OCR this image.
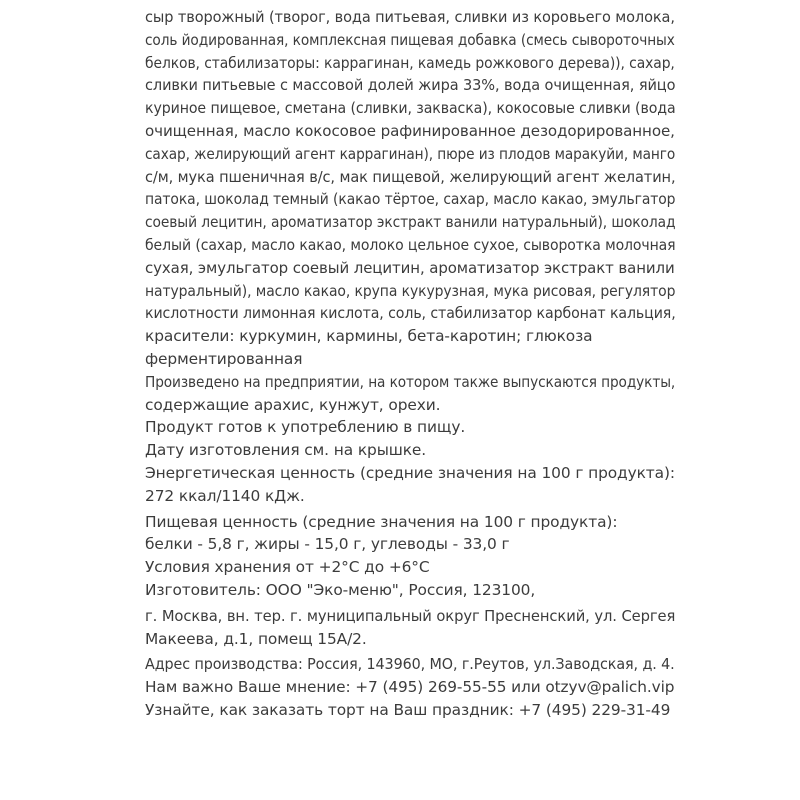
сыр творожный (творог, вода питьевая, сливки из коровьего молока,
соль йодированная, комплексная пищевая добавка (смесь сывороточных
белков, стабилизаторы: каррагинан, камедь рожкового дерева)), сахар,
сливки питьевые с массовой долей жира 33%, вода очищенная, яйцо
куриное пищевое, сметана (сливки, закваска), кокосовые сливки (вода
очищенная, масло кокосовое рафинированное дезодорированное,
сахар, желирующий агент каррагинан), пюре из плодов маракуйи, манго
с/м, мука пшеничная в/с, мак пищевой, желирующий агент желатин,
патока, шоколад темный (какао тёртое, сахар, масло какао, эмульгатор
соевый лецитин, ароматизатор экстракт ванили натуральный), шоколад
белый (сахар, масло какао, молоко цельное сухое, сыворотка молочная
сухая, эмульгатор соевый лецитин, ароматизатор экстракт ванили
натуральный), масло какао, крупа кукурузная, мука рисовая, регулятор
кислотности лимонная кислота, соль, стабилизатор карбонат кальция,
красители: куркумин, кармины, бета-каротин; глюкоза
ферментированная
Произведено на предприятии, на котором также выпускаются продукты,
содержащие арахис, кунжут, орехи.
Продукт готов к употреблению в пищу.
Дату изготовления см. на крышке.
Энергетическая ценность (средние значения на 100 г продукта):
272 ккал/1140 кДж.
Пищевая ценность (средние значения на 100 г продукта):
белки - 5,8 г, жиры - 15,0 г, углеводы - 33,0 г
Условия хранения от +2°С до +6°С
Изготовитель: ООО "Эко-меню", Россия, 123100,
г. Москва, вн. тер. г. муниципальный округ Пресненский, ул. Сергея
Макеева, д.1, помещ 15А/2.
Адрес производства: Россия, 143960, МО, г.Реутов, ул.Заводская, д. 4.
Нам важно Ваше мнение: +7 (495) 269-55-55 или otzyv@palich.vip
Узнайте, как заказать торт на Ваш праздник: +7 (495) 229-31-49
